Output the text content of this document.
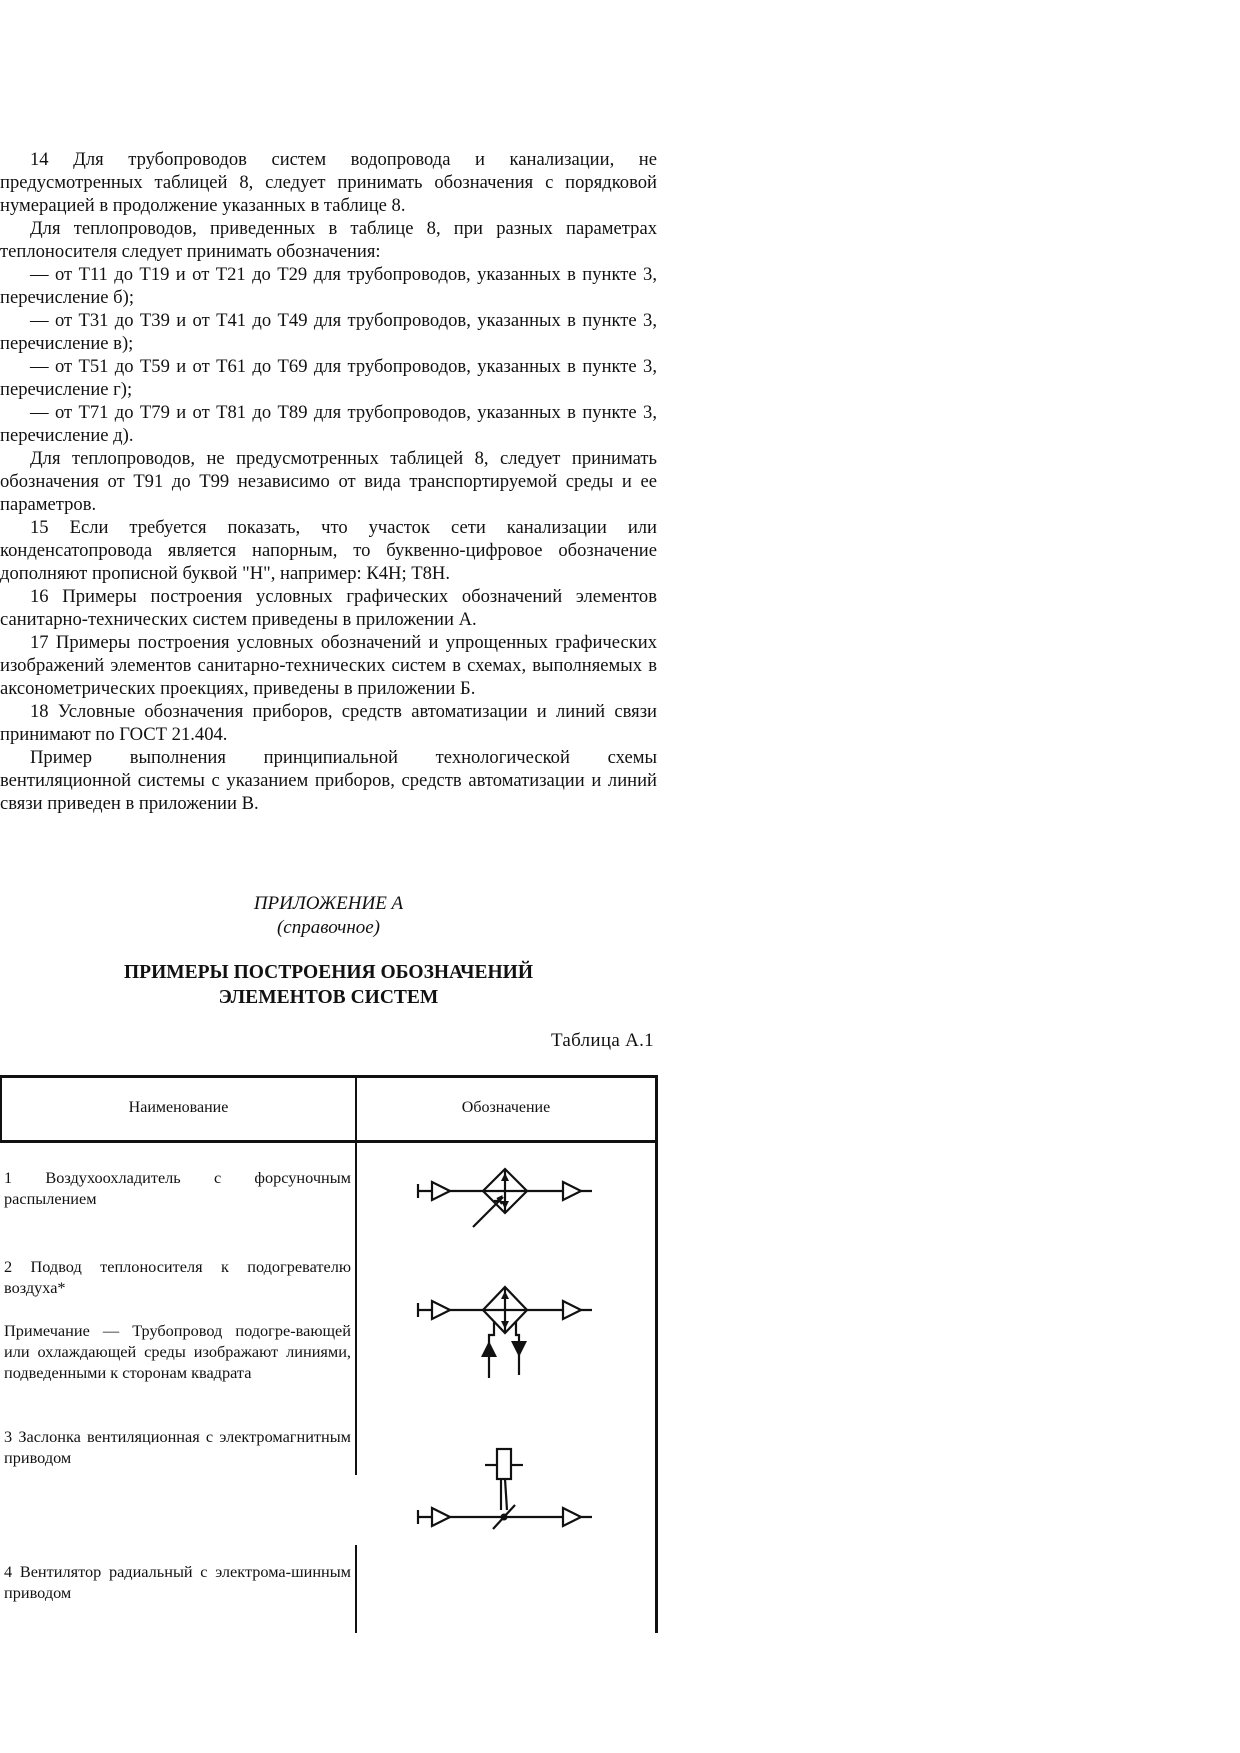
14 Для трубопроводов систем водопровода и канализации, не предусмотренных таблицей 8, следует принимать обозначения с порядковой нумерацией в продолжение указанных в таблице 8.

Для теплопроводов, приведенных в таблице 8, при разных параметрах теплоносителя следует принимать обозначения:

— от Т11 до Т19 и от Т21 до Т29 для трубопроводов, указанных в пункте 3, перечисление б);

— от Т31 до Т39 и от Т41 до Т49 для трубопроводов, указанных в пункте 3, перечисление в);

— от Т51 до Т59 и от Т61 до Т69 для трубопроводов, указанных в пункте 3, перечисление г);

— от Т71 до Т79 и от Т81 до Т89 для трубопроводов, указанных в пункте 3, перечисление д).

Для теплопроводов, не предусмотренных таблицей 8, следует принимать обозначения от Т91 до Т99 независимо от вида транспортируемой среды и ее параметров.

15 Если требуется показать, что участок сети канализации или конденсатопровода является напорным, то буквенно-цифровое обозначение дополняют прописной буквой "Н", например: К4Н; Т8Н.

16 Примеры построения условных графических обозначений элементов санитарно-технических систем приведены в приложении А.

17 Примеры построения условных обозначений и упрощенных графических изображений элементов санитарно-технических систем в схемах, выполняемых в аксонометрических проекциях, приведены в приложении Б.

18 Условные обозначения приборов, средств автоматизации и линий связи принимают по ГОСТ 21.404.

Пример выполнения принципиальной технологической схемы вентиляционной системы с указанием приборов, средств автоматизации и линий связи приведен в приложении В.

ПРИЛОЖЕНИЕ А
(справочное)
ПРИМЕРЫ ПОСТРОЕНИЯ ОБОЗНАЧЕНИЙ
ЭЛЕМЕНТОВ СИСТЕМ
Таблица А.1
Наименование	Обозначение
1 Воздухоохладитель с форсуночным распылением
2 Подвод теплоносителя к подогревателю воздуха*
Примечание — Трубопровод подогре-вающей или охлаждающей среды изображают линиями, подведенными к сторонам квадрата
3 Заслонка вентиляционная с электромагнитным приводом
4 Вентилятор радиальный с электрома-шинным приводом
